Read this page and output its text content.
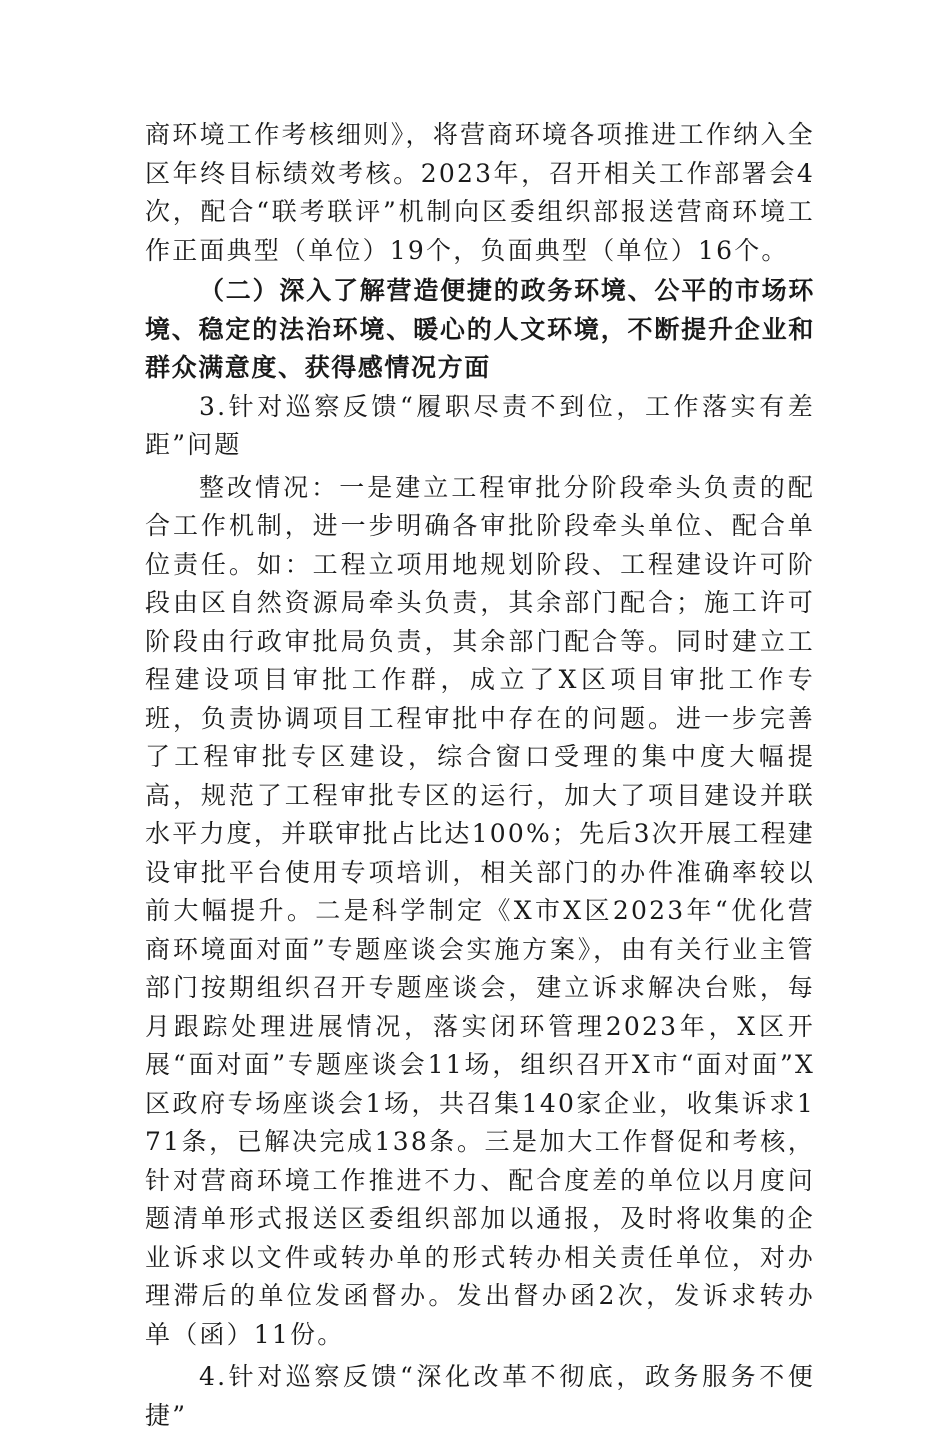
商环境工作考核细则》，将营商环境各项推进工作纳入全区年终目标绩效考核。2023年，召开相关工作部署会4次，配合“联考联评”机制向区委组织部报送营商环境工作正面典型（单位）19个，负面典型（单位）16个。

（二）深入了解营造便捷的政务环境、公平的市场环境、稳定的法治环境、暖心的人文环境，不断提升企业和群众满意度、获得感情况方面

3.针对巡察反馈“履职尽责不到位，工作落实有差距”问题

整改情况：一是建立工程审批分阶段牵头负责的配合工作机制，进一步明确各审批阶段牵头单位、配合单位责任。如：工程立项用地规划阶段、工程建设许可阶段由区自然资源局牵头负责，其余部门配合；施工许可阶段由行政审批局负责，其余部门配合等。同时建立工程建设项目审批工作群，成立了X区项目审批工作专班，负责协调项目工程审批中存在的问题。进一步完善了工程审批专区建设，综合窗口受理的集中度大幅提高，规范了工程审批专区的运行，加大了项目建设并联水平力度，并联审批占比达100%；先后3次开展工程建设审批平台使用专项培训，相关部门的办件准确率较以前大幅提升。二是科学制定《X市X区2023年“优化营商环境面对面”专题座谈会实施方案》，由有关行业主管部门按期组织召开专题座谈会，建立诉求解决台账，每月跟踪处理进展情况，落实闭环管理2023年，X区开展“面对面”专题座谈会11场，组织召开X市“面对面”X区政府专场座谈会1场，共召集140家企业，收集诉求171条，已解决完成138条。三是加大工作督促和考核，针对营商环境工作推进不力、配合度差的单位以月度问题清单形式报送区委组织部加以通报，及时将收集的企业诉求以文件或转办单的形式转办相关责任单位，对办理滞后的单位发函督办。发出督办函2次，发诉求转办单（函）11份。

4.针对巡察反馈“深化改革不彻底，政务服务不便捷”
